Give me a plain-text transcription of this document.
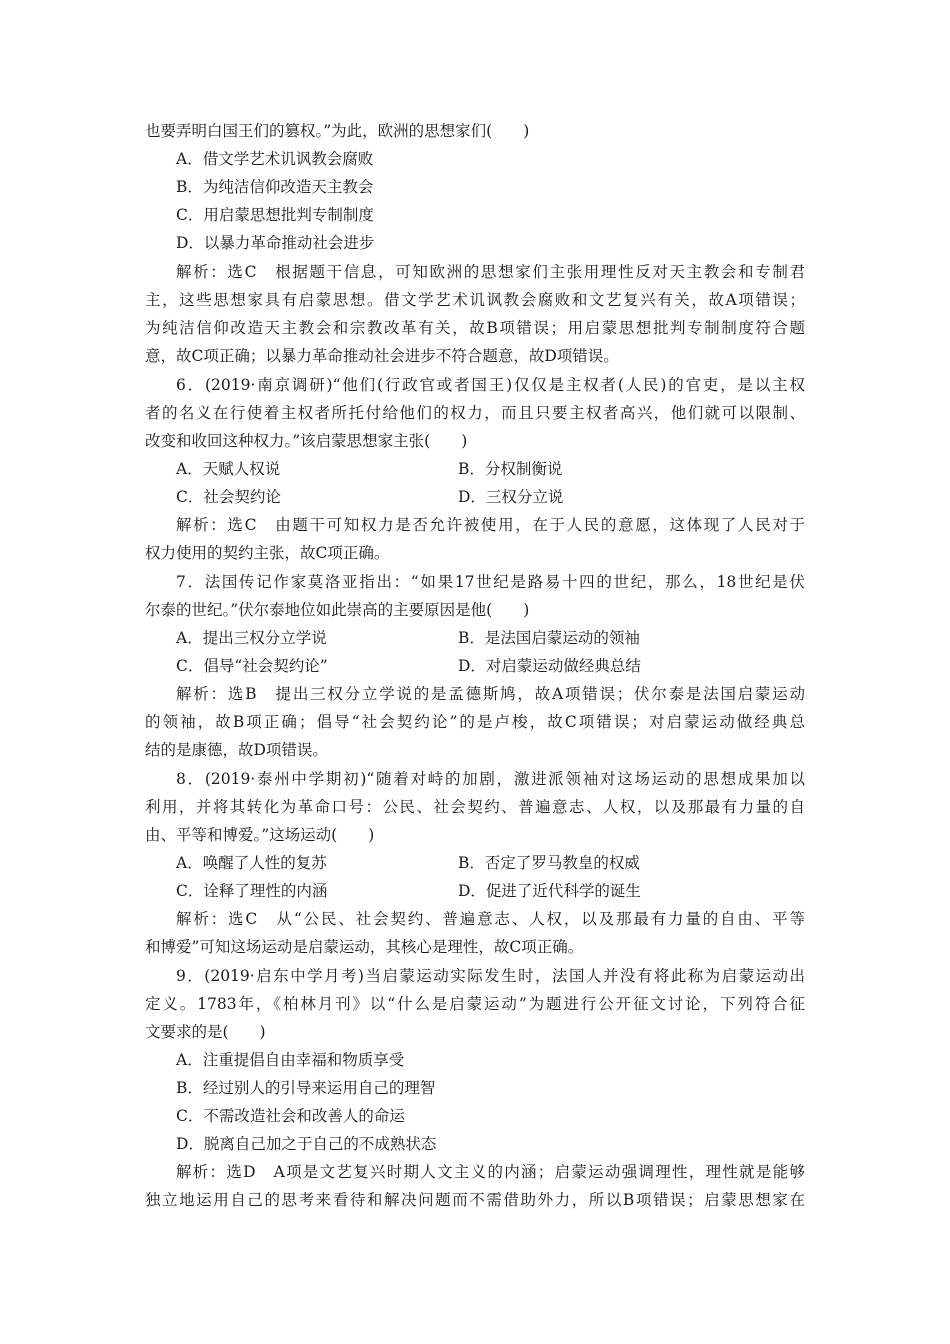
也要弄明白国王们的篡权。”为此，欧洲的思想家们(　　)
A．借文学艺术讥讽教会腐败
B．为纯洁信仰改造天主教会
C．用启蒙思想批判专制制度
D．以暴力革命推动社会进步
解析：选C　根据题干信息，可知欧洲的思想家们主张用理性反对天主教会和专制君
主，这些思想家具有启蒙思想。借文学艺术讥讽教会腐败和文艺复兴有关，故A项错误；
为纯洁信仰改造天主教会和宗教改革有关，故B项错误；用启蒙思想批判专制制度符合题
意，故C项正确；以暴力革命推动社会进步不符合题意，故D项错误。
6．(2019·南京调研)“他们(行政官或者国王)仅仅是主权者(人民)的官吏，是以主权
者的名义在行使着主权者所托付给他们的权力，而且只要主权者高兴，他们就可以限制、
改变和收回这种权力。”该启蒙思想家主张(　　)
A．天赋人权说	B．分权制衡说
C．社会契约论	D．三权分立说
解析：选C　由题干可知权力是否允许被使用，在于人民的意愿，这体现了人民对于
权力使用的契约主张，故C项正确。
7．法国传记作家莫洛亚指出：“如果17世纪是路易十四的世纪，那么，18世纪是伏
尔泰的世纪。”伏尔泰地位如此崇高的主要原因是他(　　)
A．提出三权分立学说	B．是法国启蒙运动的领袖
C．倡导“社会契约论”	D．对启蒙运动做经典总结
解析：选B　提出三权分立学说的是孟德斯鸠，故A项错误；伏尔泰是法国启蒙运动
的领袖，故B项正确；倡导“社会契约论”的是卢梭，故C项错误；对启蒙运动做经典总
结的是康德，故D项错误。
8．(2019·泰州中学期初)“随着对峙的加剧，激进派领袖对这场运动的思想成果加以
利用，并将其转化为革命口号：公民、社会契约、普遍意志、人权，以及那最有力量的自
由、平等和博爱。”这场运动(　　)
A．唤醒了人性的复苏	B．否定了罗马教皇的权威
C．诠释了理性的内涵	D．促进了近代科学的诞生
解析：选C　从“公民、社会契约、普遍意志、人权，以及那最有力量的自由、平等
和博爱”可知这场运动是启蒙运动，其核心是理性，故C项正确。
9．(2019·启东中学月考)当启蒙运动实际发生时，法国人并没有将此称为启蒙运动出
定义。1783年，《柏林月刊》以“什么是启蒙运动”为题进行公开征文讨论，下列符合征
文要求的是(　　)
A．注重提倡自由幸福和物质享受
B．经过别人的引导来运用自己的理智
C．不需改造社会和改善人的命运
D．脱离自己加之于自己的不成熟状态
解析：选D　A项是文艺复兴时期人文主义的内涵；启蒙运动强调理性，理性就是能够
独立地运用自己的思考来看待和解决问题而不需借助外力，所以B项错误；启蒙思想家在
